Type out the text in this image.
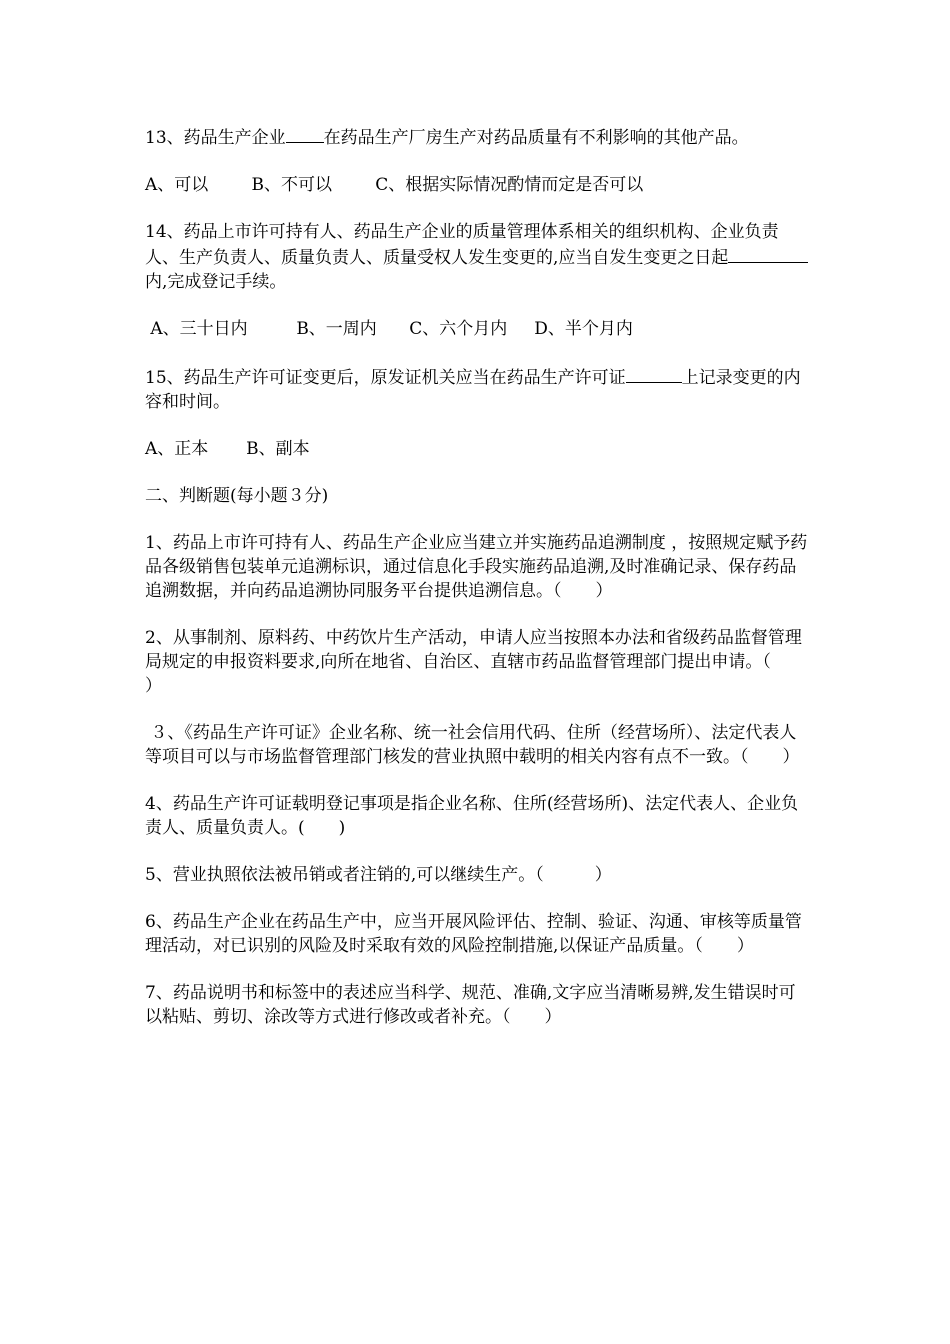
13、药品生产企业 在药品生产厂房生产对药品质量有不利影响的其他产品。

A、可以        B、不可以        C、根据实际情况酌情而定是否可以

14、药品上市许可持有人、药品生产企业的质量管理体系相关的组织机构、企业负责人、生产负责人、质量负责人、质量受权人发生变更的,应当自发生变更之日起内,完成登记手续。

A、三十日内         B、一周内      C、六个月内     D、半个月内

15、药品生产许可证变更后，原发证机关应当在药品生产许可证	上记录变更的内容和时间。

A、正本       B、副本

二、判断题(每小题３分)

1、药品上市许可持有人、药品生产企业应当建立并实施药品追溯制度 ，按照规定赋予药品各级销售包装单元追溯标识，通过信息化手段实施药品追溯,及时准确记录、保存药品追溯数据，并向药品追溯协同服务平台提供追溯信息。（　　）

2、从事制剂、原料药、中药饮片生产活动，申请人应当按照本办法和省级药品监督管理局规定的申报资料要求,向所在地省、自治区、直辖市药品监督管理部门提出申请。（　　）

３、《药品生产许可证》企业名称、统一社会信用代码、住所（经营场所）、法定代表人等项目可以与市场监督管理部门核发的营业执照中载明的相关内容有点不一致。（　　）

4、药品生产许可证载明登记事项是指企业名称、住所(经营场所)、法定代表人、企业负责人、质量负责人。(　　)

5、营业执照依法被吊销或者注销的,可以继续生产。（　　　）

6、药品生产企业在药品生产中，应当开展风险评估、控制、验证、沟通、审核等质量管理活动，对已识别的风险及时采取有效的风险控制措施,以保证产品质量。（　　）

7、药品说明书和标签中的表述应当科学、规范、准确,文字应当清晰易辨,发生错误时可以粘贴、剪切、涂改等方式进行修改或者补充。（　　）
